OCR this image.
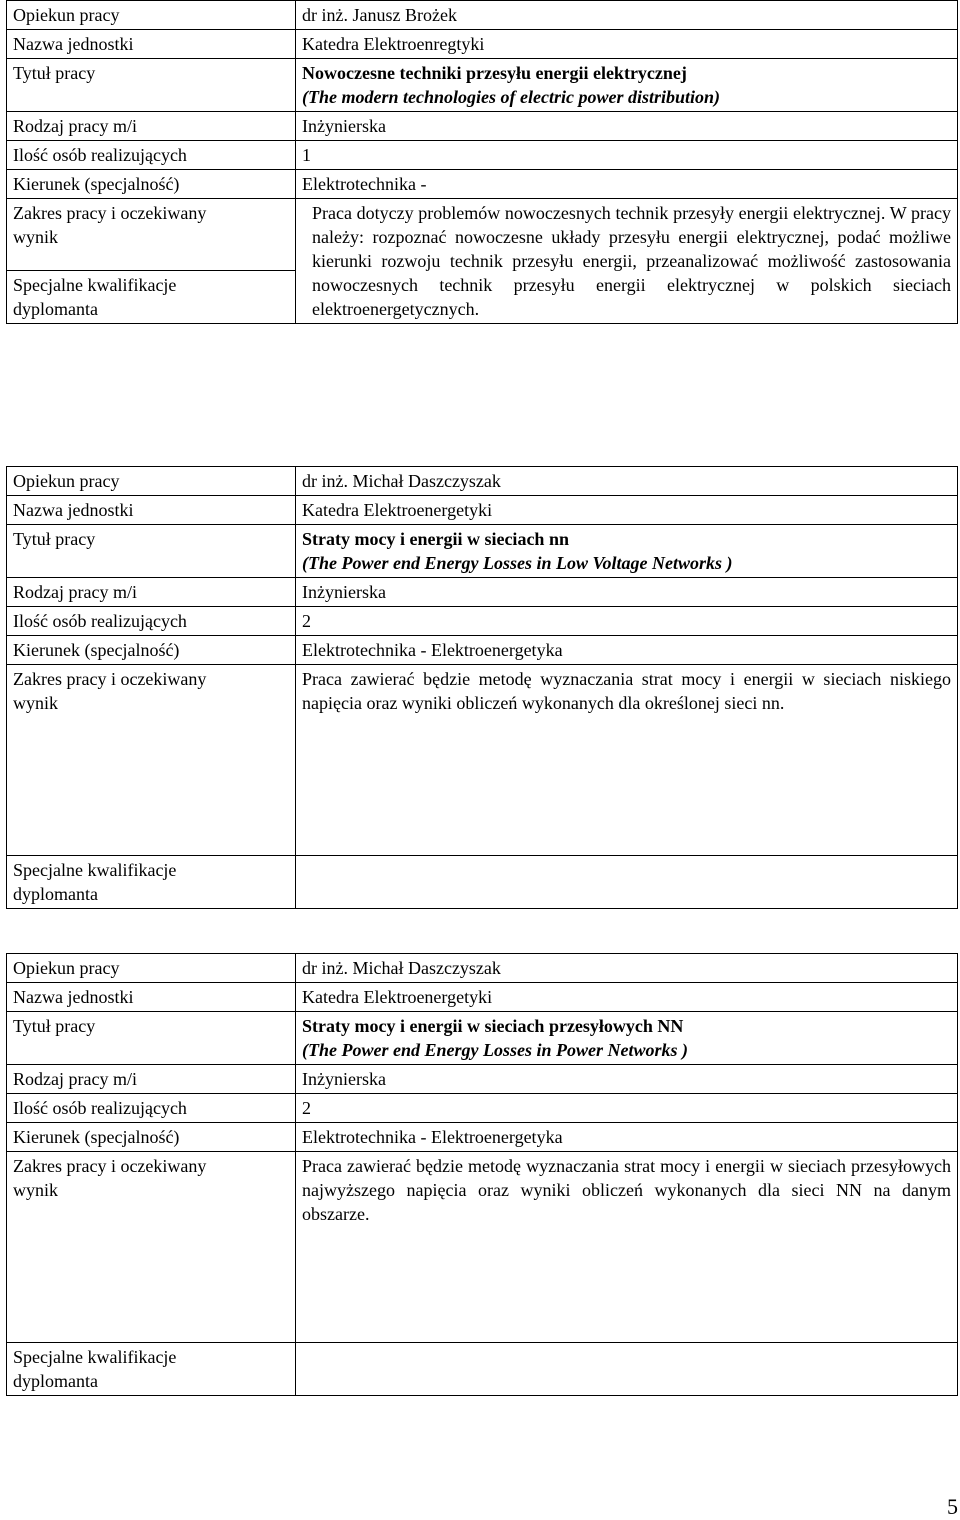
Opiekun pracy	dr inż. Janusz Brożek
Nazwa jednostki	Katedra Elektroenregtyki
Tytuł pracy	Nowoczesne techniki przesyłu energii elektrycznej
(The modern technologies of electric power distribution)

Rodzaj pracy m/i	Inżynierska
Ilość osób realizujących	1
Kierunek (specjalność)	Elektrotechnika -

Zakres pracy i oczekiwany
wynik	Praca dotyczy problemów nowoczesnych technik przesyły energii elektrycznej. W pracy należy: rozpoznać nowoczesne układy przesyłu energii elektrycznej, podać możliwe kierunki rozwoju technik przesyłu energii, przeanalizować możliwość zastosowania nowoczesnych technik przesyłu energii elektrycznej w polskich sieciach elektroenergetycznych.

Specjalne kwalifikacje
dyplomanta	
Opiekun pracy	dr inż. Michał Daszczyszak
Nazwa jednostki	Katedra Elektroenergetyki
Tytuł pracy	Straty mocy i energii w sieciach nn
(The Power end Energy Losses in Low Voltage Networks )

Rodzaj pracy m/i	Inżynierska
Ilość osób realizujących	2
Kierunek (specjalność)	Elektrotechnika - Elektroenergetyka

Zakres pracy i oczekiwany
wynik	Praca zawierać będzie metodę wyznaczania strat mocy i energii w sieciach niskiego napięcia oraz wyniki obliczeń wykonanych dla określonej sieci nn.

Specjalne kwalifikacje
dyplomanta	

Opiekun pracy	dr inż. Michał Daszczyszak
Nazwa jednostki	Katedra Elektroenergetyki
Tytuł pracy	Straty mocy i energii w sieciach przesyłowych NN
(The Power end Energy Losses in Power Networks )

Rodzaj pracy m/i	Inżynierska
Ilość osób realizujących	2
Kierunek (specjalność)	Elektrotechnika - Elektroenergetyka

Zakres pracy i oczekiwany
wynik	Praca zawierać będzie metodę wyznaczania strat mocy i energii w sieciach przesyłowych najwyższego napięcia oraz wyniki obliczeń wykonanych dla sieci NN na danym obszarze.

Specjalne kwalifikacje
dyplomanta	

5
